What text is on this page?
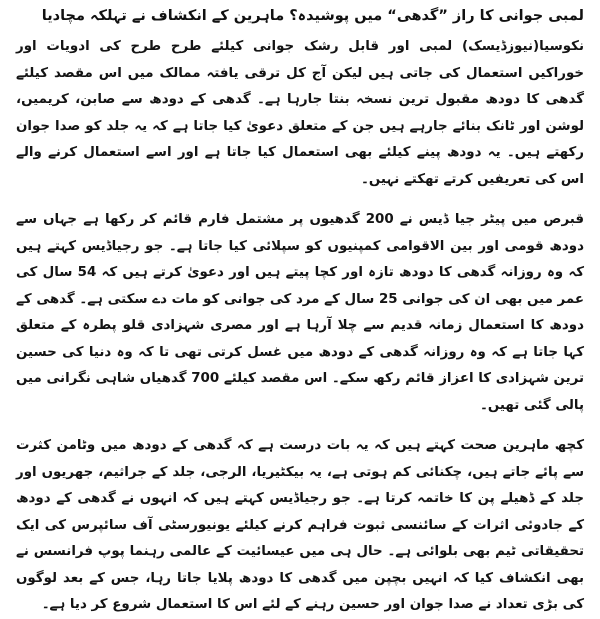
لمبی جوانی کا راز ”گدھی“ میں پوشیدہ؟ ماہرین کے انکشاف نے تہلکہ مچادیا

نکوسیا(نیوزڈیسک) لمبی اور قابل رشک جوانی کیلئے طرح طرح کی ادویات اور خوراکیں استعمال کی جاتی ہیں لیکن آج کل ترقی یافتہ ممالک میں اس مقصد کیلئے گدھی کا دودھ مقبول ترین نسخہ بنتا جارہا ہے۔ گدھی کے دودھ سے صابن، کریمیں، لوشن اور ٹانک بنائے جارہے ہیں جن کے متعلق دعویٰ کیا جاتا ہے کہ یہ جلد کو صدا جوان رکھتے ہیں۔ یہ دودھ پینے کیلئے بھی استعمال کیا جاتا ہے اور اسے استعمال کرنے والے اس کی تعریفیں کرتے تھکتے نہیں۔

قبرص میں پیٹر جیا ڈیس نے 200 گدھیوں پر مشتمل فارم قائم کر رکھا ہے جہاں سے دودھ قومی اور بین الاقوامی کمپنیوں کو سپلائی کیا جاتا ہے۔ جو رجیاڈیس کہتے ہیں کہ وہ روزانہ گدھی کا دودھ تازہ اور کچا پیتے ہیں اور دعویٰ کرتے ہیں کہ 54 سال کی عمر میں بھی ان کی جوانی 25 سال کے مرد کی جوانی کو مات دے سکتی ہے۔ گدھی کے دودھ کا استعمال زمانہ قدیم سے چلا آرہا ہے اور مصری شہزادی قلو پطرہ کے متعلق کہا جاتا ہے کہ وہ روزانہ گدھی کے دودھ میں غسل کرتی تھی تا کہ وہ دنیا کی حسین ترین شہزادی کا اعزاز قائم رکھ سکے۔ اس مقصد کیلئے 700 گدھیاں شاہی نگرانی میں پالی گئی تھیں۔

کچھ ماہرین صحت کہتے ہیں کہ یہ بات درست ہے کہ گدھی کے دودھ میں وٹامن کثرت سے پائے جاتے ہیں، چکنائی کم ہوتی ہے، یہ بیکٹیریا، الرجی، جلد کے جراثیم، جھریوں اور جلد کے ڈھیلے پن کا خاتمہ کرتا ہے۔ جو رجیاڈیس کہتے ہیں کہ انہوں نے گدھی کے دودھ کے جادوئی اثرات کے سائنسی ثبوت فراہم کرنے کیلئے یونیورسٹی آف سائپرس کی ایک تحقیقاتی ٹیم بھی بلوائی ہے۔ حال ہی میں عیسائیت کے عالمی رہنما پوپ فرانسس نے بھی انکشاف کیا کہ انہیں بچپن میں گدھی کا دودھ پلایا جاتا رہا، جس کے بعد لوگوں کی بڑی تعداد نے صدا جوان اور حسین رہنے کے لئے اس کا استعمال شروع کر دیا ہے۔
